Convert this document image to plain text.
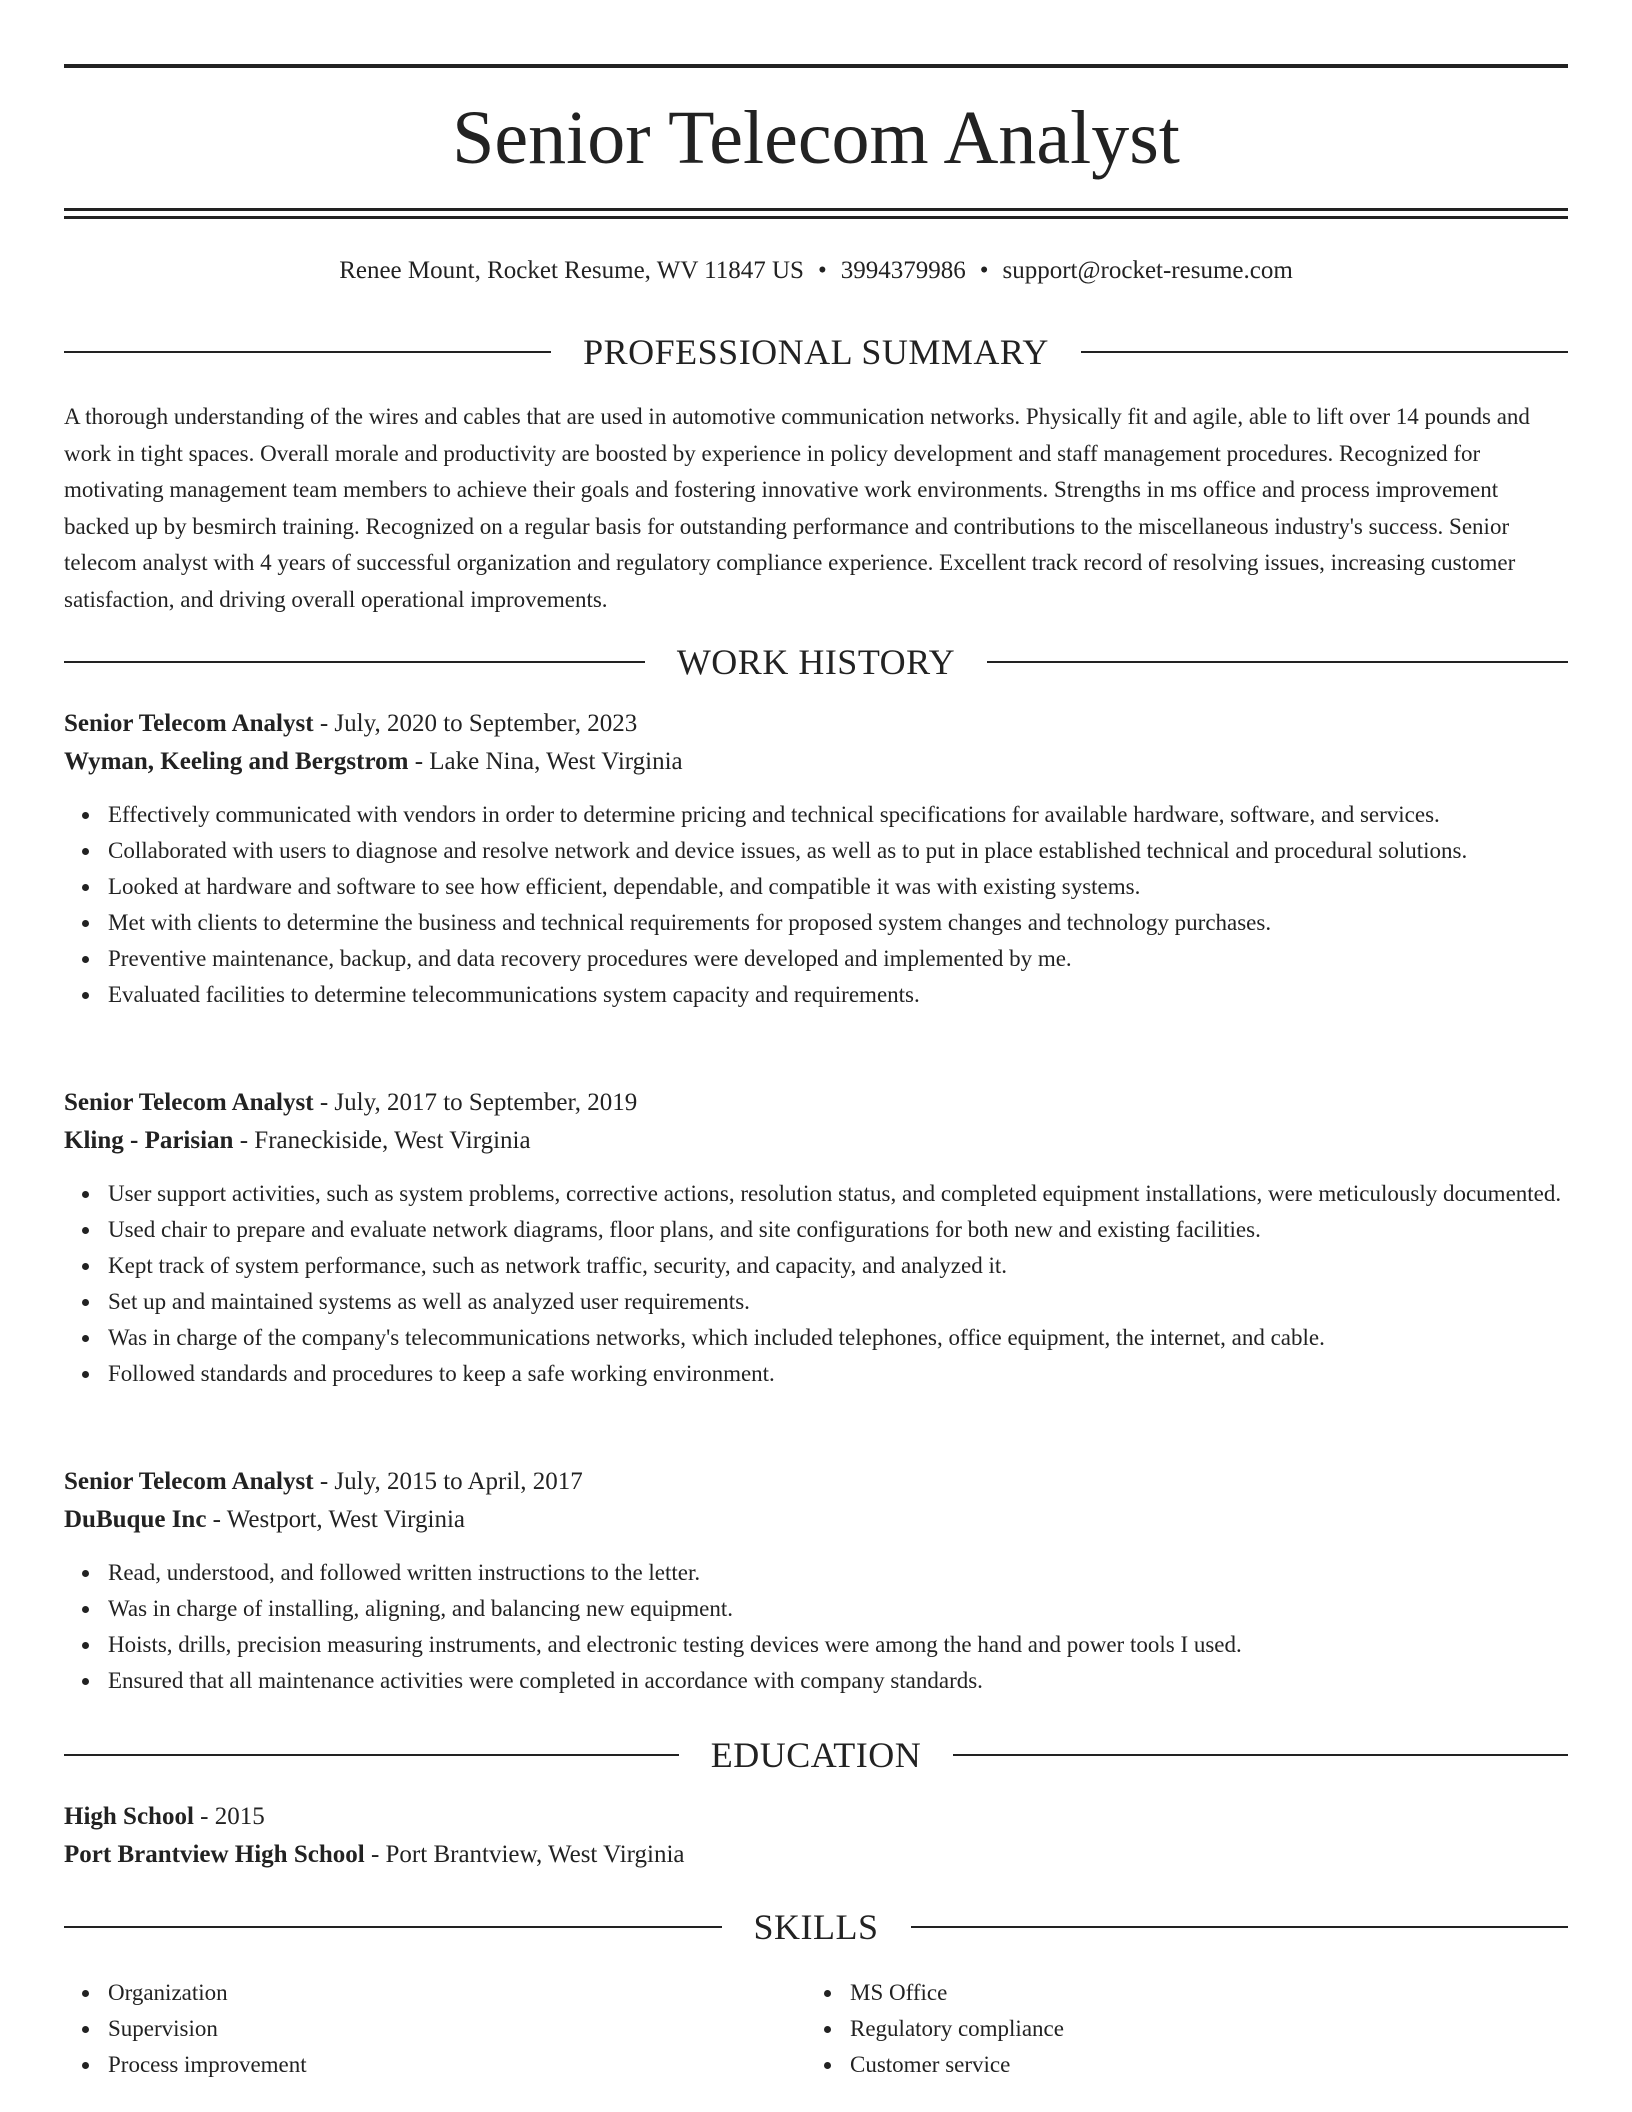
Senior Telecom Analyst
Renee Mount, Rocket Resume, WV 11847 US • 3994379986 • support@rocket-resume.com
PROFESSIONAL SUMMARY

A thorough understanding of the wires and cables that are used in automotive communication networks. Physically fit and agile, able to lift over 14 pounds and work in tight spaces. Overall morale and productivity are boosted by experience in policy development and staff management procedures. Recognized for motivating management team members to achieve their goals and fostering innovative work environments. Strengths in ms office and process improvement backed up by besmirch training. Recognized on a regular basis for outstanding performance and contributions to the miscellaneous industry's success. Senior telecom analyst with 4 years of successful organization and regulatory compliance experience. Excellent track record of resolving issues, increasing customer satisfaction, and driving overall operational improvements.

WORK HISTORY
Senior Telecom Analyst - July, 2020 to September, 2023
Wyman, Keeling and Bergstrom - Lake Nina, West Virginia
Effectively communicated with vendors in order to determine pricing and technical specifications for available hardware, software, and services.
Collaborated with users to diagnose and resolve network and device issues, as well as to put in place established technical and procedural solutions.
Looked at hardware and software to see how efficient, dependable, and compatible it was with existing systems.
Met with clients to determine the business and technical requirements for proposed system changes and technology purchases.
Preventive maintenance, backup, and data recovery procedures were developed and implemented by me.
Evaluated facilities to determine telecommunications system capacity and requirements.
Senior Telecom Analyst - July, 2017 to September, 2019
Kling - Parisian - Franeckiside, West Virginia
User support activities, such as system problems, corrective actions, resolution status, and completed equipment installations, were meticulously documented.
Used chair to prepare and evaluate network diagrams, floor plans, and site configurations for both new and existing facilities.
Kept track of system performance, such as network traffic, security, and capacity, and analyzed it.
Set up and maintained systems as well as analyzed user requirements.
Was in charge of the company's telecommunications networks, which included telephones, office equipment, the internet, and cable.
Followed standards and procedures to keep a safe working environment.
Senior Telecom Analyst - July, 2015 to April, 2017
DuBuque Inc - Westport, West Virginia
Read, understood, and followed written instructions to the letter.
Was in charge of installing, aligning, and balancing new equipment.
Hoists, drills, precision measuring instruments, and electronic testing devices were among the hand and power tools I used.
Ensured that all maintenance activities were completed in accordance with company standards.
EDUCATION
High School - 2015
Port Brantview High School - Port Brantview, West Virginia
SKILLS
Organization
Supervision
Process improvement
MS Office
Regulatory compliance
Customer service
